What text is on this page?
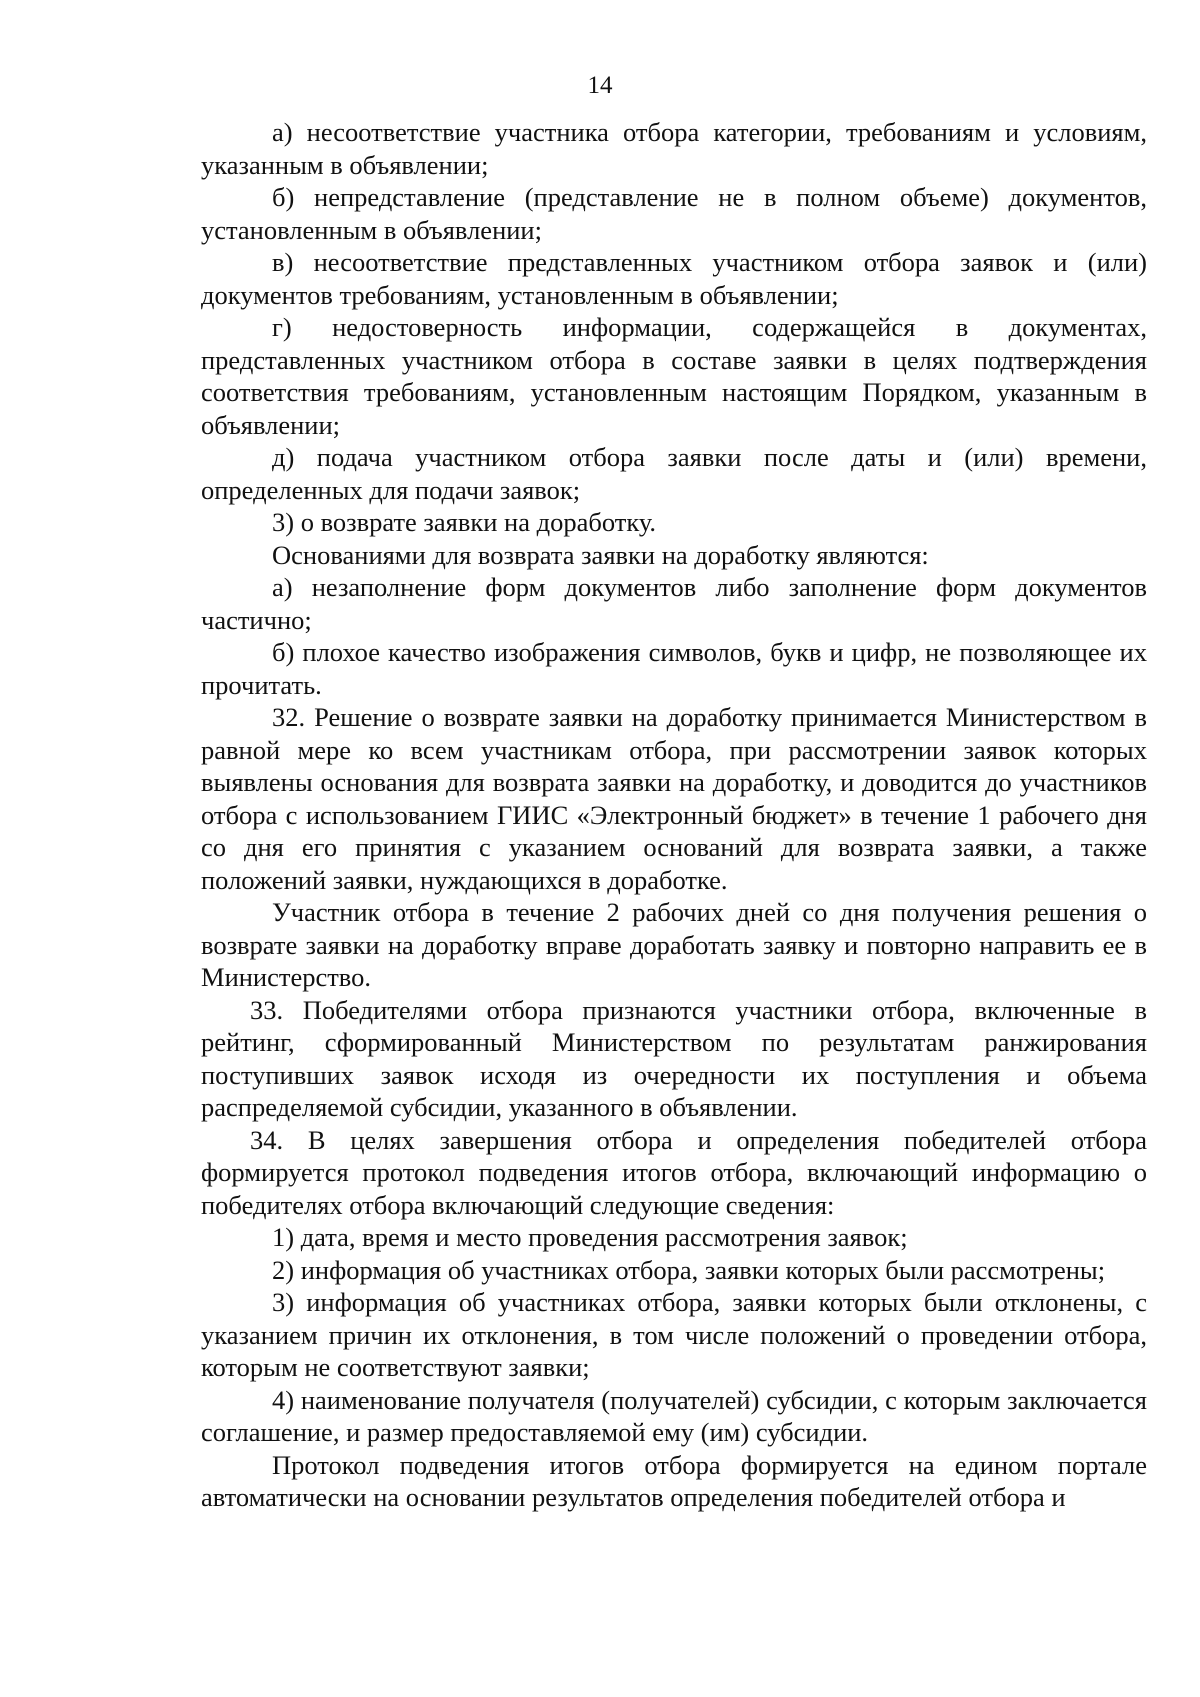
14

а) несоответствие участника отбора категории, требованиям и условиям, указанным в объявлении;

б) непредставление (представление не в полном объеме) документов, установленным в объявлении;

в) несоответствие представленных участником отбора заявок и (или) документов требованиям, установленным в объявлении;

г) недостоверность информации, содержащейся в документах, представленных участником отбора в составе заявки в целях подтверждения соответствия требованиям, установленным настоящим Порядком, указанным в объявлении;

д) подача участником отбора заявки после даты и (или) времени, определенных для подачи заявок;

3) о возврате заявки на доработку.

Основаниями для возврата заявки на доработку являются:

а) незаполнение форм документов либо заполнение форм документов частично;

б) плохое качество изображения символов, букв и цифр, не позволяющее их прочитать.

32. Решение о возврате заявки на доработку принимается Министерством в равной мере ко всем участникам отбора, при рассмотрении заявок которых выявлены основания для возврата заявки на доработку, и доводится до участников отбора с использованием ГИИС «Электронный бюджет» в течение 1 рабочего дня со дня его принятия с указанием оснований для возврата заявки, а также положений заявки, нуждающихся в доработке.

Участник отбора в течение 2 рабочих дней со дня получения решения о возврате заявки на доработку вправе доработать заявку и повторно направить ее в Министерство.

33. Победителями отбора признаются участники отбора, включенные в рейтинг, сформированный Министерством по результатам ранжирования поступивших заявок исходя из очередности их поступления и объема распределяемой субсидии, указанного в объявлении.

34. В целях завершения отбора и определения победителей отбора формируется протокол подведения итогов отбора, включающий информацию о победителях отбора включающий следующие сведения:

1) дата, время и место проведения рассмотрения заявок;

2) информация об участниках отбора, заявки которых были рассмотрены;

3) информация об участниках отбора, заявки которых были отклонены, с указанием причин их отклонения, в том числе положений о проведении отбора, которым не соответствуют заявки;

4) наименование получателя (получателей) субсидии, с которым заключается соглашение, и размер предоставляемой ему (им) субсидии.

Протокол подведения итогов отбора формируется на едином портале автоматически на основании результатов определения победителей отбора и
